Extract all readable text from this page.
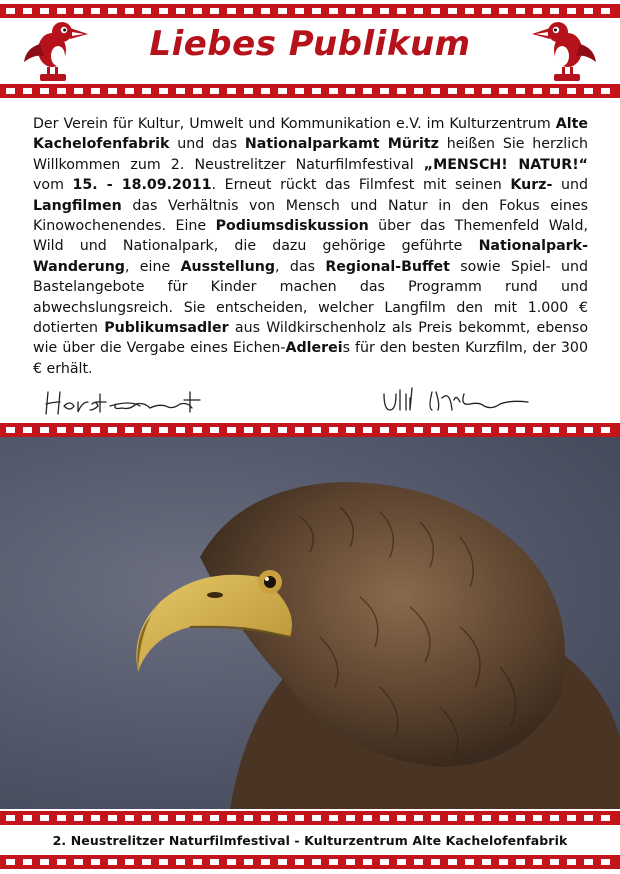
Liebes Publikum
Der Verein für Kultur, Umwelt und Kommunikation e.V. im Kulturzentrum Alte Kachelofenfabrik und das Nationalparkamt Müritz heißen Sie herzlich Willkommen zum 2. Neustrelitzer Naturfilmfestival „MENSCH! NATUR!“ vom 15. - 18.09.2011. Erneut rückt das Filmfest mit seinen Kurz- und Langfilmen das Verhältnis von Mensch und Natur in den Fokus eines Kinowochenendes. Eine Podiumsdiskussion über das Themenfeld Wald, Wild und Nationalpark, die dazu gehörige geführte Nationalpark-Wanderung, eine Ausstellung, das Regional-Buffet sowie Spiel- und Bastelangebote für Kinder machen das Programm rund und abwechslungsreich. Sie entscheiden, welcher Langfilm den mit 1.000 € dotierten Publikumsadler aus Wildkirschenholz als Preis bekommt, ebenso wie über die Vergabe eines Eichen-Adlereis für den besten Kurzfilm, der 300 € erhält.
2. Neustrelitzer Naturfilmfestival - Kulturzentrum Alte Kachelofenfabrik
